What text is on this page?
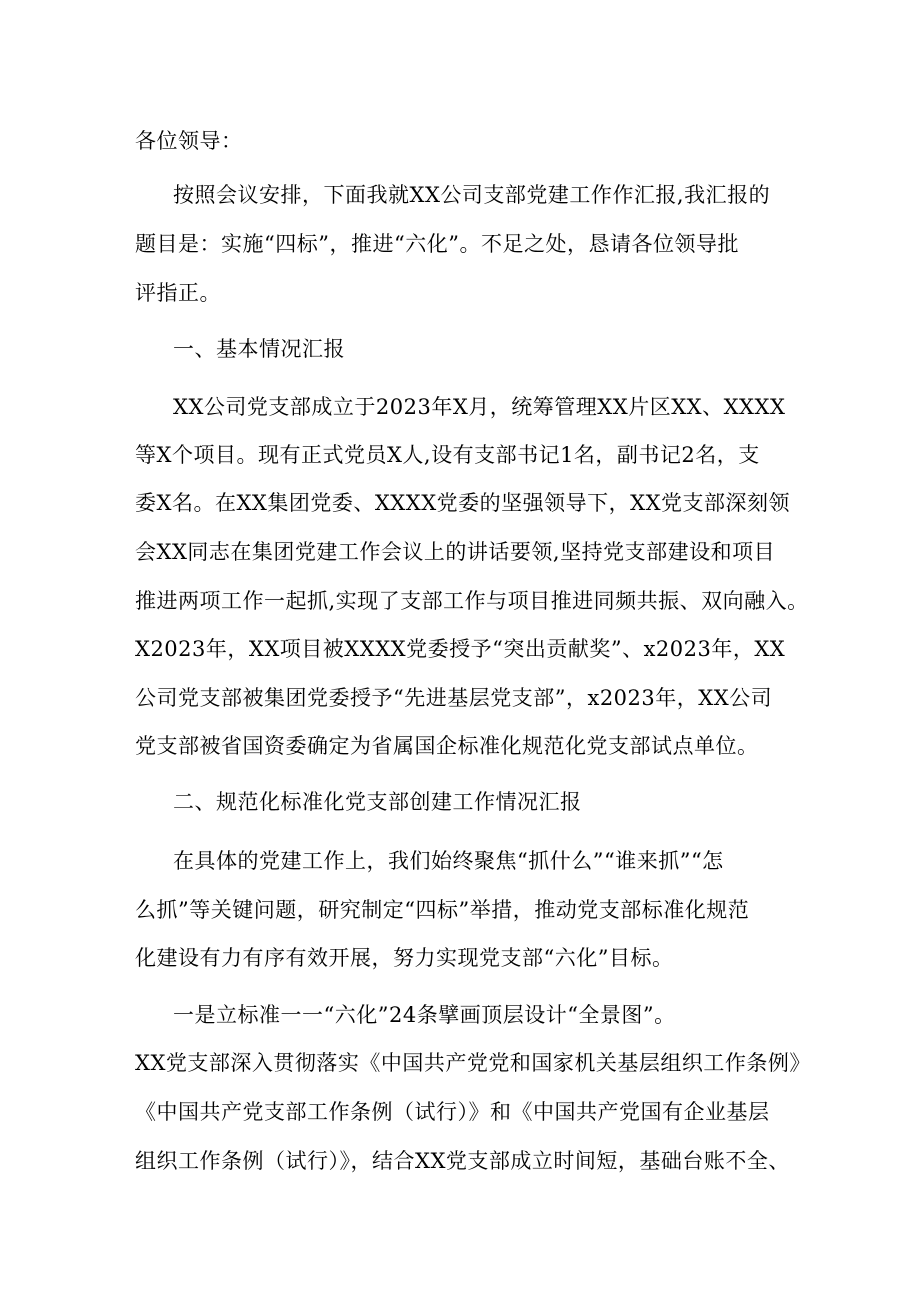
各位领导：
按照会议安排，下面我就XX公司支部党建工作作汇报,我汇报的
题目是：实施“四标”，推进“六化”。不足之处，恳请各位领导批
评指正。
一、基本情况汇报
XX公司党支部成立于2023年X月，统筹管理XX片区XX、XXXX
等X个项目。现有正式党员X人,设有支部书记1名，副书记2名，支
委X名。在XX集团党委、XXXX党委的坚强领导下，XX党支部深刻领
会XX同志在集团党建工作会议上的讲话要领,坚持党支部建设和项目
推进两项工作一起抓,实现了支部工作与项目推进同频共振、双向融入。
X2023年，XX项目被XXXX党委授予“突出贡献奖”、x2023年，XX
公司党支部被集团党委授予“先进基层党支部”，x2023年，XX公司
党支部被省国资委确定为省属国企标准化规范化党支部试点单位。
二、规范化标准化党支部创建工作情况汇报
在具体的党建工作上，我们始终聚焦“抓什么”“谁来抓”“怎
么抓”等关键问题，研究制定“四标”举措，推动党支部标准化规范
化建设有力有序有效开展，努力实现党支部“六化”目标。
一是立标准一一“六化”24条擘画顶层设计“全景图”。
XX党支部深入贯彻落实《中国共产党党和国家机关基层组织工作条例》
《中国共产党支部工作条例（试行）》和《中国共产党国有企业基层
组织工作条例（试行）》，结合XX党支部成立时间短，基础台账不全、
